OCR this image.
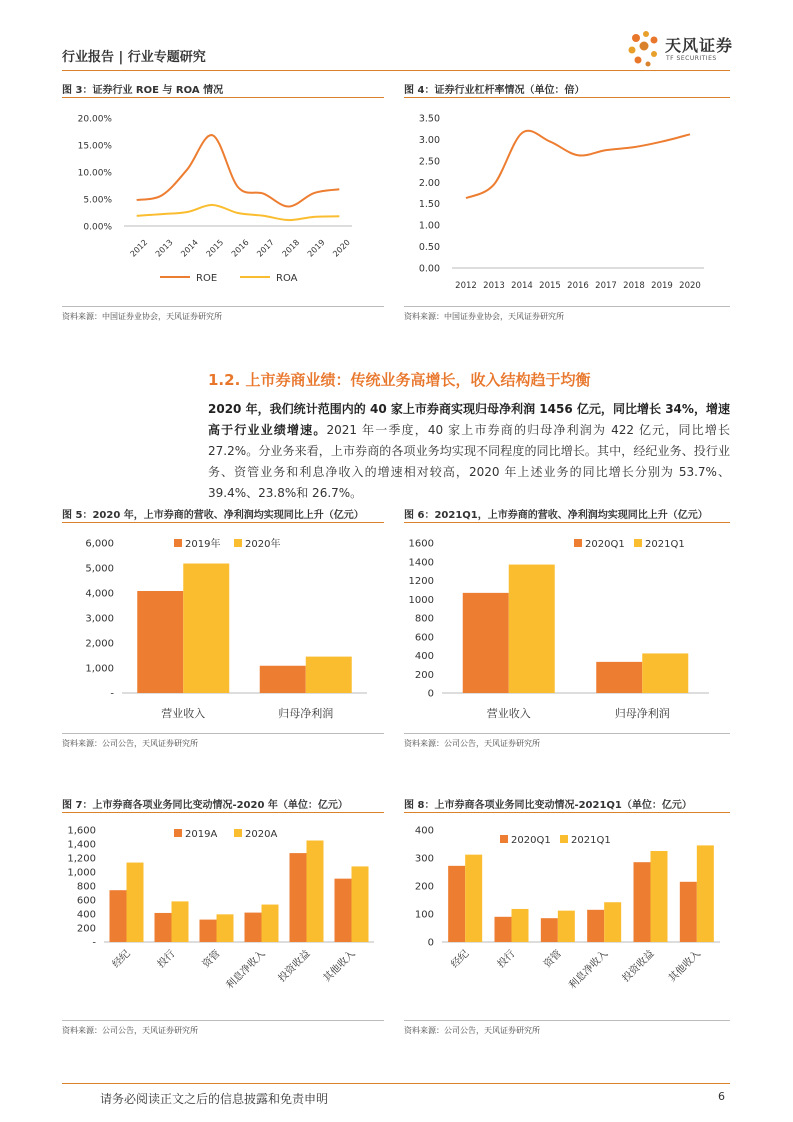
行业报告 | 行业专题研究
天风证券
TF SECURITIES
图 3：证券行业 ROE 与 ROA 情况
0.00%
5.00%
10.00%
15.00%
20.00%
2012 2013 2014 2015 2016 2017 2018 2019 2020
ROE	ROA
资料来源：中国证券业协会，天风证券研究所
图 4：证券行业杠杆率情况（单位：倍）
0.00
0.50
1.00
1.50
2.00
2.50
3.00
3.50
2012 2013 2014 2015 2016 2017 2018 2019 2020
资料来源：中国证券业协会，天风证券研究所
1.2. 上市券商业绩：传统业务高增长，收入结构趋于均衡
2020 年，我们统计范围内的 40 家上市券商实现归母净利润 1456 亿元，同比增长 34%，增速高于行业业绩增速。2021 年一季度，40 家上市券商的归母净利润为 422 亿元，同比增长 27.2%。分业务来看，上市券商的各项业务均实现不同程度的同比增长。其中，经纪业务、投行业务、资管业务和利息净收入的增速相对较高，2020 年上述业务的同比增长分别为 53.7%、39.4%、23.8%和 26.7%。
图 5：2020 年，上市券商的营收、净利润均实现同比上升（亿元）
-
1,000
2,000
3,000
4,000
5,000
6,000
营业收入	归母净利润
2019年 2020年
资料来源：公司公告，天风证券研究所
图 6：2021Q1，上市券商的营收、净利润均实现同比上升（亿元）
0
200
400
600
800
1000
1200
1400
1600
营业收入	归母净利润
2020Q1 2021Q1
资料来源：公司公告，天风证券研究所
图 7：上市券商各项业务同比变动情况-2020 年（单位：亿元）
-
200
400
600
800
1,000
1,200
1,400
1,600
经纪 投行 资管 利息净收入 投资收益 其他收入
2019A	2020A
资料来源：公司公告，天风证券研究所
图 8：上市券商各项业务同比变动情况-2021Q1（单位：亿元）
0
100
200
300
400
经纪 投行 资管 利息净收入 投资收益 其他收入
2020Q1 2021Q1
资料来源：公司公告，天风证券研究所
请务必阅读正文之后的信息披露和免责申明	6
